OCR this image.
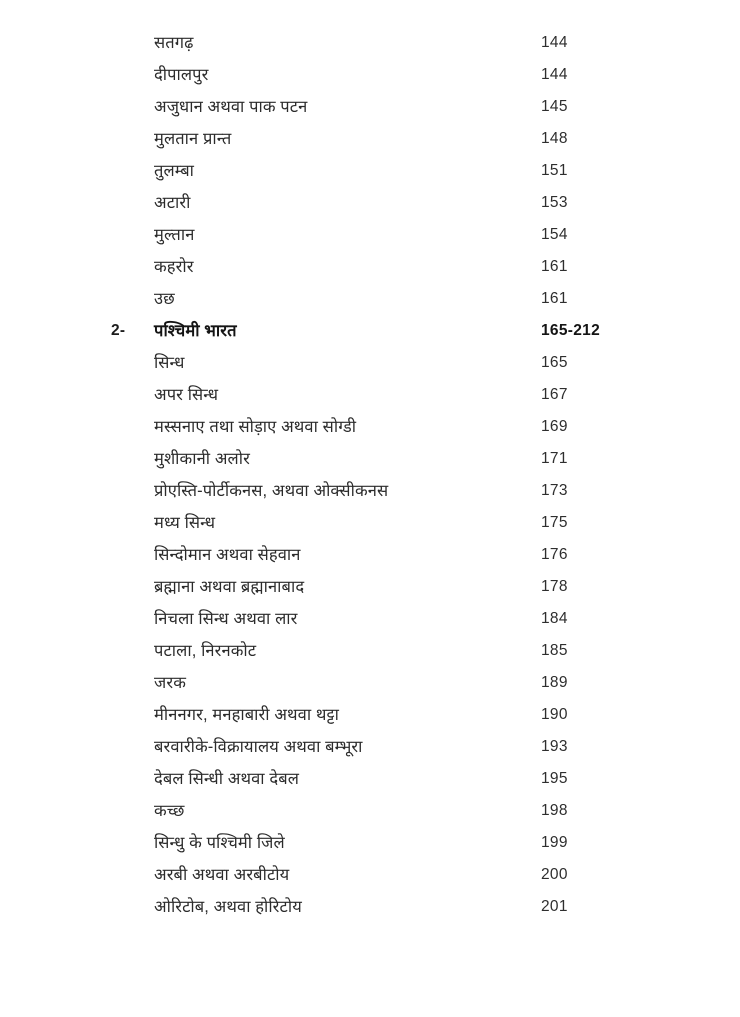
सतगढ़	144
दीपालपुर	144
अजुधान अथवा पाक पटन	145
मुलतान प्रान्त	148
तुलम्बा	151
अटारी	153
मुल्तान	154
कहरोर	161
उछ	161
2-	पश्चिमी भारत	165-212
सिन्ध	165
अपर सिन्ध	167
मस्सनाए तथा सोड़ाए अथवा सोग्डी	169
मुशीकानी अलोर	171
प्रोएस्ति-पोर्टीकनस, अथवा ओक्सीकनस	173
मध्य सिन्ध	175
सिन्दोमान अथवा सेहवान	176
ब्रह्माना अथवा ब्रह्मानाबाद	178
निचला सिन्ध अथवा लार	184
पटाला, निरनकोट	185
जरक	189
मीननगर, मनहाबारी अथवा थट्टा	190
बरवारीके-विक्रायालय अथवा बम्भूरा	193
देबल सिन्धी अथवा देबल	195
कच्छ	198
सिन्धु के पश्चिमी जिले	199
अरबी अथवा अरबीटोय	200
ओरिटोब, अथवा होरिटोय	201
